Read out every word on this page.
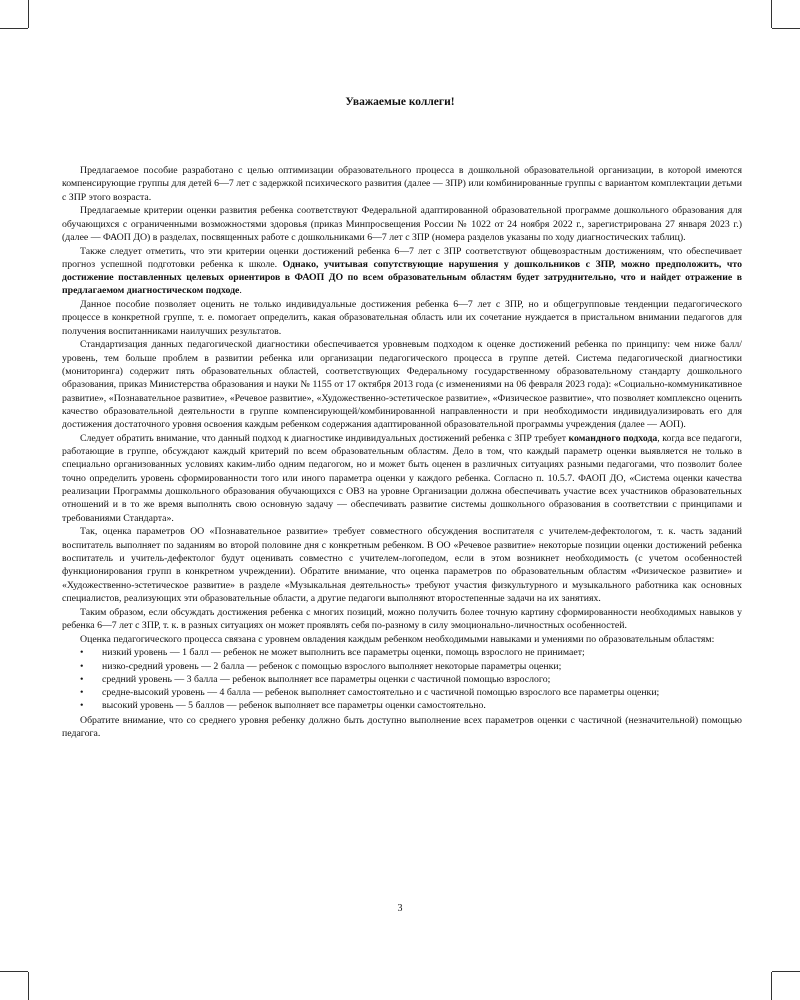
Уважаемые коллеги!

Предлагаемое пособие разработано с целью оптимизации образовательного процесса в дошкольной образовательной организации, в которой имеются компенсирующие группы для детей 6—7 лет с задержкой психического развития (далее — ЗПР) или комбинированные группы с вариантом комплектации детьми с ЗПР этого возраста.

Предлагаемые критерии оценки развития ребенка соответствуют Федеральной адаптированной образовательной программе дошкольного образования для обучающихся с ограниченными возможностями здоровья (приказ Минпросвещения России № 1022 от 24 ноября 2022 г., зарегистрирована 27 января 2023 г.) (далее — ФАОП ДО) в разделах, посвященных работе с дошкольниками 6—7 лет с ЗПР (номера разделов указаны по ходу диагностических таблиц).

Также следует отметить, что эти критерии оценки достижений ребенка 6—7 лет с ЗПР соответствуют общевозрастным достижениям, что обеспечивает прогноз успешной подготовки ребенка к школе. Однако, учитывая сопутствующие нарушения у дошкольников с ЗПР, можно предположить, что достижение поставленных целевых ориентиров в ФАОП ДО по всем образовательным областям будет затруднительно, что и найдет отражение в предлагаемом диагностическом подходе.

Данное пособие позволяет оценить не только индивидуальные достижения ребенка 6—7 лет с ЗПР, но и общегрупповые тенденции педагогического процессе в конкретной группе, т. е. помогает определить, какая образовательная область или их сочетание нуждается в пристальном внимании педагогов для получения воспитанниками наилучших результатов.

Стандартизация данных педагогической диагностики обеспечивается уровневым подходом к оценке достижений ребенка по принципу: чем ниже балл/уровень, тем больше проблем в развитии ребенка или организации педагогического процесса в группе детей. Система педагогической диагностики (мониторинга) содержит пять образовательных областей, соответствующих Федеральному государственному образовательному стандарту дошкольного образования, приказ Министерства образования и науки № 1155 от 17 октября 2013 года (с изменениями на 06 февраля 2023 года): «Социально-коммуникативное развитие», «Познавательное развитие», «Речевое развитие», «Художественно-эстетическое развитие», «Физическое развитие», что позволяет комплексно оценить качество образовательной деятельности в группе компенсирующей/комбинированной направленности и при необходимости индивидуализировать его для достижения достаточного уровня освоения каждым ребенком содержания адаптированной образовательной программы учреждения (далее — АОП).

Следует обратить внимание, что данный подход к диагностике индивидуальных достижений ребенка с ЗПР требует командного подхода, когда все педагоги, работающие в группе, обсуждают каждый критерий по всем образовательным областям. Дело в том, что каждый параметр оценки выявляется не только в специально организованных условиях каким-либо одним педагогом, но и может быть оценен в различных ситуациях разными педагогами, что позволит более точно определить уровень сформированности того или иного параметра оценки у каждого ребенка. Согласно п. 10.5.7. ФАОП ДО, «Система оценки качества реализации Программы дошкольного образования обучающихся с ОВЗ на уровне Организации должна обеспечивать участие всех участников образовательных отношений и в то же время выполнять свою основную задачу — обеспечивать развитие системы дошкольного образования в соответствии с принципами и требованиями Стандарта».

Так, оценка параметров ОО «Познавательное развитие» требует совместного обсуждения воспитателя с учителем-дефектологом, т. к. часть заданий воспитатель выполняет по заданиям во второй половине дня с конкретным ребенком. В ОО «Речевое развитие» некоторые позиции оценки достижений ребенка воспитатель и учитель-дефектолог будут оценивать совместно с учителем-логопедом, если в этом возникнет необходимость (с учетом особенностей функционирования групп в конкретном учреждении). Обратите внимание, что оценка параметров по образовательным областям «Физическое развитие» и «Художественно-эстетическое развитие» в разделе «Музыкальная деятельность» требуют участия физкультурного и музыкального работника как основных специалистов, реализующих эти образовательные области, а другие педагоги выполняют второстепенные задачи на их занятиях.

Таким образом, если обсуждать достижения ребенка с многих позиций, можно получить более точную картину сформированности необходимых навыков у ребенка 6—7 лет с ЗПР, т. к. в разных ситуациях он может проявлять себя по-разному в силу эмоционально-личностных особенностей.

Оценка педагогического процесса связана с уровнем овладения каждым ребенком необходимыми навыками и умениями по образовательным областям:

• низкий уровень — 1 балл — ребенок не может выполнить все параметры оценки, помощь взрослого не принимает;
• низко-средний уровень — 2 балла — ребенок с помощью взрослого выполняет некоторые параметры оценки;
• средний уровень — 3 балла — ребенок выполняет все параметры оценки с частичной помощью взрослого;
• средне-высокий уровень — 4 балла — ребенок выполняет самостоятельно и с частичной помощью взрослого все параметры оценки;
• высокий уровень — 5 баллов — ребенок выполняет все параметры оценки самостоятельно.

Обратите внимание, что со среднего уровня ребенку должно быть доступно выполнение всех параметров оценки с частичной (незначительной) помощью педагога.

3
